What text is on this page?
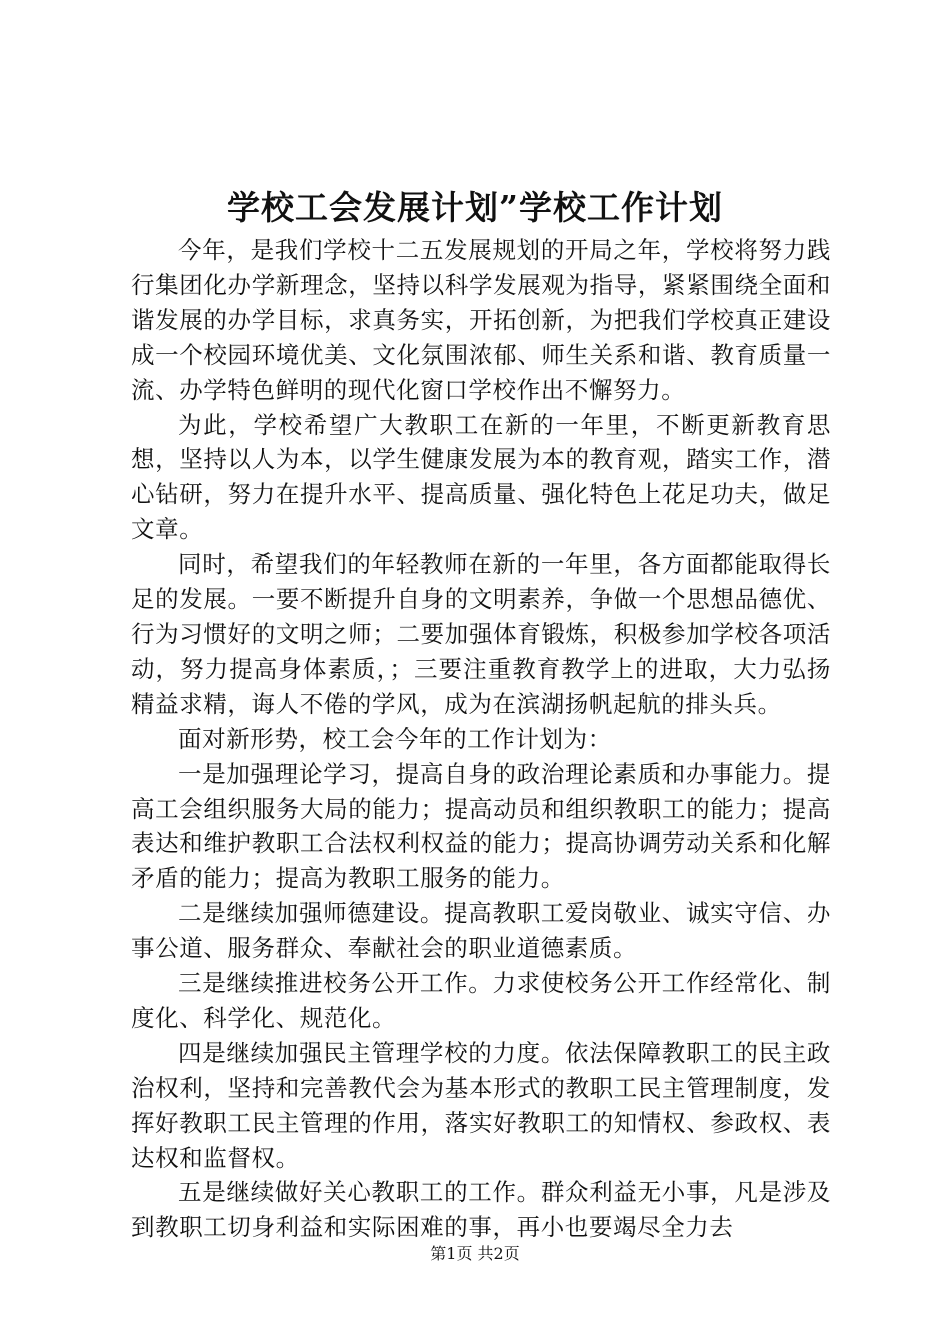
学校工会发展计划”学校工作计划

今年，是我们学校十二五发展规划的开局之年，学校将努力践行集团化办学新理念，坚持以科学发展观为指导，紧紧围绕全面和谐发展的办学目标，求真务实，开拓创新，为把我们学校真正建设成一个校园环境优美、文化氛围浓郁、师生关系和谐、教育质量一流、办学特色鲜明的现代化窗口学校作出不懈努力。

为此，学校希望广大教职工在新的一年里，不断更新教育思想，坚持以人为本，以学生健康发展为本的教育观，踏实工作，潜心钻研，努力在提升水平、提高质量、强化特色上花足功夫，做足文章。

同时，希望我们的年轻教师在新的一年里，各方面都能取得长足的发展。一要不断提升自身的文明素养，争做一个思想品德优、行为习惯好的文明之师；二要加强体育锻炼，积极参加学校各项活动，努力提高身体素质，；三要注重教育教学上的进取，大力弘扬精益求精，诲人不倦的学风，成为在滨湖扬帆起航的排头兵。

面对新形势，校工会今年的工作计划为：

一是加强理论学习，提高自身的政治理论素质和办事能力。提高工会组织服务大局的能力；提高动员和组织教职工的能力；提高表达和维护教职工合法权利权益的能力；提高协调劳动关系和化解矛盾的能力；提高为教职工服务的能力。

二是继续加强师德建设。提高教职工爱岗敬业、诚实守信、办事公道、服务群众、奉献社会的职业道德素质。

三是继续推进校务公开工作。力求使校务公开工作经常化、制度化、科学化、规范化。

四是继续加强民主管理学校的力度。依法保障教职工的民主政治权利，坚持和完善教代会为基本形式的教职工民主管理制度，发挥好教职工民主管理的作用，落实好教职工的知情权、参政权、表达权和监督权。

五是继续做好关心教职工的工作。群众利益无小事，凡是涉及到教职工切身利益和实际困难的事，再小也要竭尽全力去

第1页 共2页
